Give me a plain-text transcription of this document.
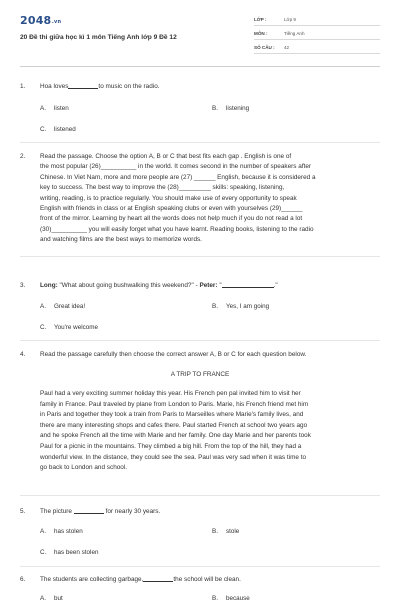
2048.vn
20 Đề thi giữa học kì 1 môn Tiếng Anh lớp 9 Đề 12
LỚP :	Lớp 9
MÔN :	Tiếng Anh
SỐ CÂU : 42
1.	Hoa loves	to music on the radio.
A. listen	B. listening
C. listened
2.	Read the passage. Choose the option A, B or C that best fits each gap . English is one of
the most popular (26)__________ in the world. It comes second in the number of speakers after
Chinese. In Viet Nam, more and more people are (27) ______ English, because it is considered a
key to success. The best way to improve the (28)_________ skills: speaking, listening,
writing, reading, is to practice regularly. You should make use of every opportunity to speak
English with friends in class or at English speaking clubs or even with yourselves (29)______
front of the mirror. Learning by heart all the words does not help much if you do not read a lot
(30)__________ you will easily forget what you have learnt. Reading books, listening to the radio
and watching films are the best ways to memorize words.
3.	Long: "What about going bushwalking this weekend?" - Peter: "	."
A. Great idea!	B. Yes, I am going
C. You're welcome
4.	Read the passage carefully then choose the correct answer A, B or C for each question below.
A TRIP TO FRANCE
Paul had a very exciting summer holiday this year. His French pen pal invited him to visit her
family in France. Paul traveled by plane from London to Paris. Marie, his French friend met him
in Paris and together they took a train from Paris to Marseilles where Marie's family lives, and
there are many interesting shops and cafes there. Paul started French at school two years ago
and he spoke French all the time with Marie and her family. One day Marie and her parents took
Paul for a picnic in the mountains. They climbed a big hill. From the top of the hill, they had a
wonderful view. In the distance, they could see the sea. Paul was very sad when it was time to
go back to London and school.
5.	The picture	for nearly 30 years.
A. has stolen	B. stole
C. has been stolen
6.	The students are collecting garbage,	the school will be clean.
A. but	B. because
